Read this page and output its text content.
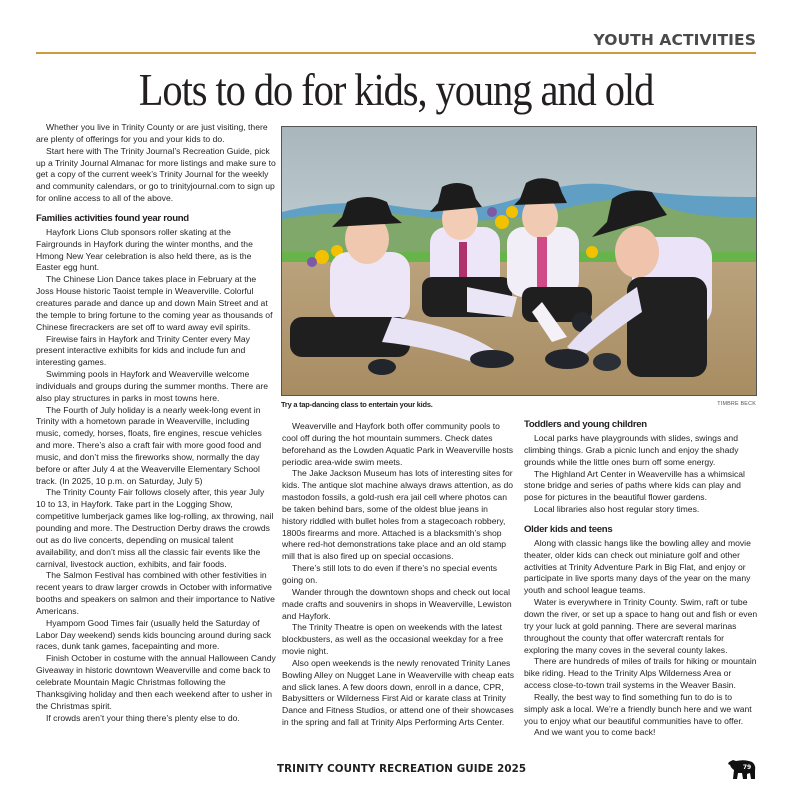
YOUTH ACTIVITIES
Lots to do for kids, young and old

Whether you live in Trinity County or are just visiting, there are plenty of offerings for you and your kids to do.

Start here with The Trinity Journal’s Recreation Guide, pick up a Trinity Journal Almanac for more listings and make sure to get a copy of the current week’s Trinity Journal for the weekly and community calendars, or go to trinityjournal.com to sign up for online access to all of the above.

Families activities found year round

Hayfork Lions Club sponsors roller skating at the Fairgrounds in Hayfork during the winter months, and the Hmong New Year celebration is also held there, as is the Easter egg hunt.

The Chinese Lion Dance takes place in February at the Joss House historic Taoist temple in Weaverville. Colorful creatures parade and dance up and down Main Street and at the temple to bring fortune to the coming year as thousands of Chinese firecrackers are set off to ward away evil spirits.

Firewise fairs in Hayfork and Trinity Center every May present interactive exhibits for kids and include fun and interesting games.

Swimming pools in Hayfork and Weaverville welcome individuals and groups during the summer months. There are also play structures in parks in most towns here.

The Fourth of July holiday is a nearly week-long event in Trinity with a hometown parade in Weaverville, including music, comedy, horses, floats, fire engines, rescue vehicles and more. There’s also a craft fair with more good food and music, and don’t miss the fireworks show, normally the day before or after July 4 at the Weaverville Elementary School track. (In 2025, 10 p.m. on Saturday, July 5)

The Trinity County Fair follows closely after, this year July 10 to 13, in Hayfork. Take part in the Logging Show, competitive lumberjack games like log-rolling, ax throwing, nail pounding and more. The Destruction Derby draws the crowds out as do live concerts, depending on musical talent availability, and don’t miss all the classic fair events like the carnival, livestock auction, exhibits, and fair foods.

The Salmon Festival has combined with other festivities in recent years to draw larger crowds in October with informative booths and speakers on salmon and their importance to Native Americans.

Hyampom Good Times fair (usually held the Saturday of Labor Day weekend) sends kids bouncing around during sack races, dunk tank games, facepainting and more.

Finish October in costume with the annual Halloween Candy Giveaway in historic downtown Weaverville and come back to celebrate Mountain Magic Christmas following the Thanksgiving holiday and then each weekend after to usher in the Christmas spirit.

If crowds aren’t your thing there’s plenty else to do.

Try a tap-dancing class to entertain your kids.	TIMBRE BECK

Weaverville and Hayfork both offer community pools to cool off during the hot mountain summers. Check dates beforehand as the Lowden Aquatic Park in Weaverville hosts periodic area-wide swim meets.

The Jake Jackson Museum has lots of interesting sites for kids. The antique slot machine always draws attention, as do mastodon fossils, a gold-rush era jail cell where photos can be taken behind bars, some of the oldest blue jeans in history riddled with bullet holes from a stagecoach robbery, 1800s firearms and more. Attached is a blacksmith’s shop where red-hot demonstrations take place and an old stamp mill that is also fired up on special occasions.

There’s still lots to do even if there’s no special events going on.

Wander through the downtown shops and check out local made crafts and souvenirs in shops in Weaverville, Lewiston and Hayfork.

The Trinity Theatre is open on weekends with the latest blockbusters, as well as the occasional weekday for a free movie night.

Also open weekends is the newly renovated Trinity Lanes Bowling Alley on Nugget Lane in Weaverville with cheap eats and slick lanes. A few doors down, enroll in a dance, CPR, Babysitters or Wilderness First Aid or karate class at Trinity Dance and Fitness Studios, or attend one of their showcases in the spring and fall at Trinity Alps Performing Arts Center.

Toddlers and young children

Local parks have playgrounds with slides, swings and climbing things. Grab a picnic lunch and enjoy the shady grounds while the little ones burn off some energy.

The Highland Art Center in Weaverville has a whimsical stone bridge and series of paths where kids can play and pose for pictures in the beautiful flower gardens.

Local libraries also host regular story times.

Older kids and teens

Along with classic hangs like the bowling alley and movie theater, older kids can check out miniature golf and other activities at Trinity Adventure Park in Big Flat, and enjoy or participate in live sports many days of the year on the many youth and school league teams.

Water is everywhere in Trinity County. Swim, raft or tube down the river, or set up a space to hang out and fish or even try your luck at gold panning. There are several marinas throughout the county that offer watercraft rentals for exploring the many coves in the several county lakes.

There are hundreds of miles of trails for hiking or mountain bike riding. Head to the Trinity Alps Wilderness Area or access close-to-town trail systems in the Weaver Basin.

Really, the best way to find something fun to do is to simply ask a local. We’re a friendly bunch here and we want you to enjoy what our beautiful communities have to offer.

And we want you to come back!

TRINITY COUNTY RECREATION GUIDE 2025	79
